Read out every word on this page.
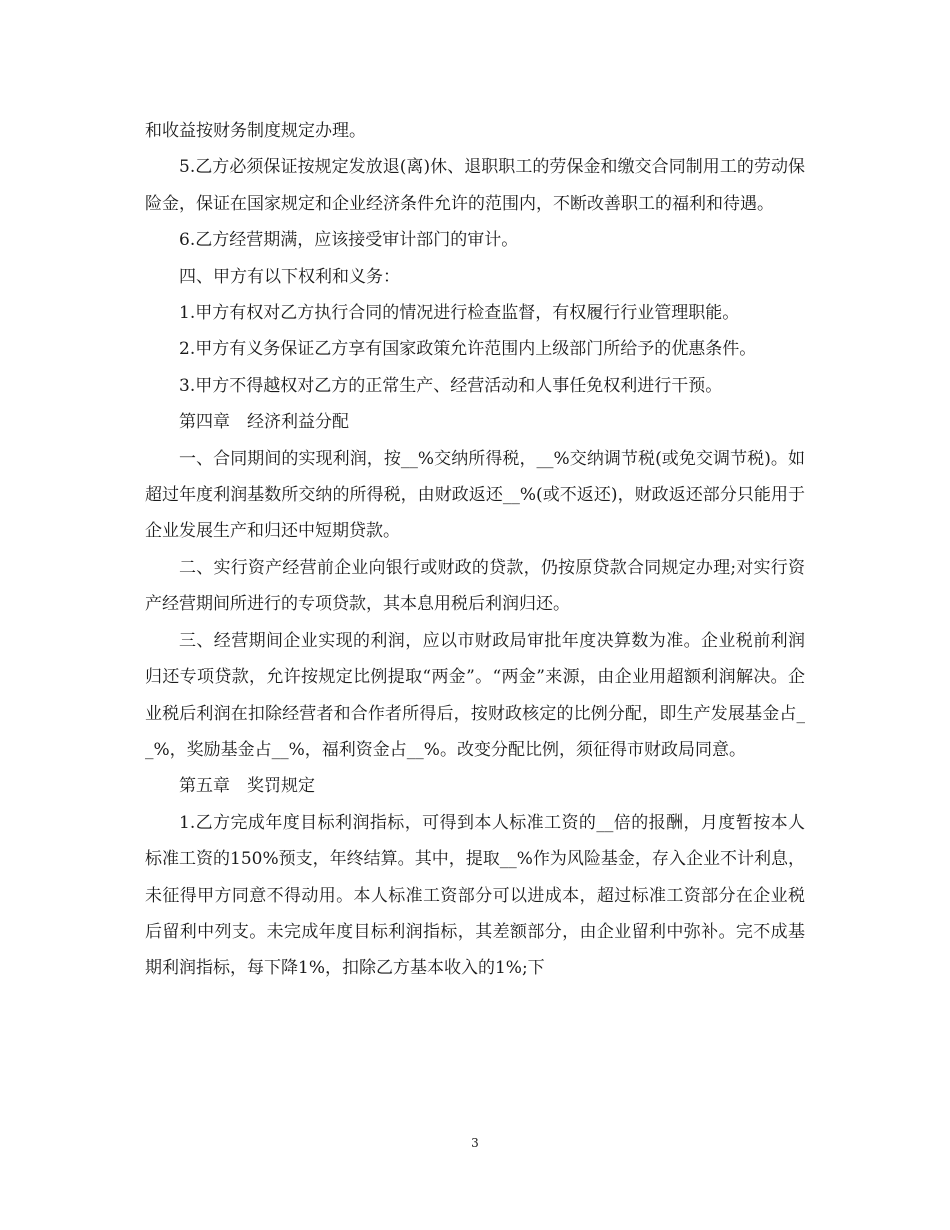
和收益按财务制度规定办理。

5.乙方必须保证按规定发放退(离)休、退职职工的劳保金和缴交合同制用工的劳动保险金，保证在国家规定和企业经济条件允许的范围内，不断改善职工的福利和待遇。

6.乙方经营期满，应该接受审计部门的审计。

四、甲方有以下权利和义务：

1.甲方有权对乙方执行合同的情况进行检查监督，有权履行行业管理职能。

2.甲方有义务保证乙方享有国家政策允许范围内上级部门所给予的优惠条件。

3.甲方不得越权对乙方的正常生产、经营活动和人事任免权利进行干预。

第四章　经济利益分配

一、合同期间的实现利润，按__%交纳所得税，__%交纳调节税(或免交调节税)。如超过年度利润基数所交纳的所得税，由财政返还__%(或不返还)，财政返还部分只能用于企业发展生产和归还中短期贷款。

二、实行资产经营前企业向银行或财政的贷款，仍按原贷款合同规定办理;对实行资产经营期间所进行的专项贷款，其本息用税后利润归还。

三、经营期间企业实现的利润，应以市财政局审批年度决算数为准。企业税前利润归还专项贷款，允许按规定比例提取“两金”。“两金”来源，由企业用超额利润解决。企业税后利润在扣除经营者和合作者所得后，按财政核定的比例分配，即生产发展基金占__%，奖励基金占__%，福利资金占__%。改变分配比例，须征得市财政局同意。

第五章　奖罚规定

1.乙方完成年度目标利润指标，可得到本人标准工资的__倍的报酬，月度暂按本人标准工资的150%预支，年终结算。其中，提取__%作为风险基金，存入企业不计利息，未征得甲方同意不得动用。本人标准工资部分可以进成本，超过标准工资部分在企业税后留利中列支。未完成年度目标利润指标，其差额部分，由企业留利中弥补。完不成基期利润指标，每下降1%，扣除乙方基本收入的1%;下

3
